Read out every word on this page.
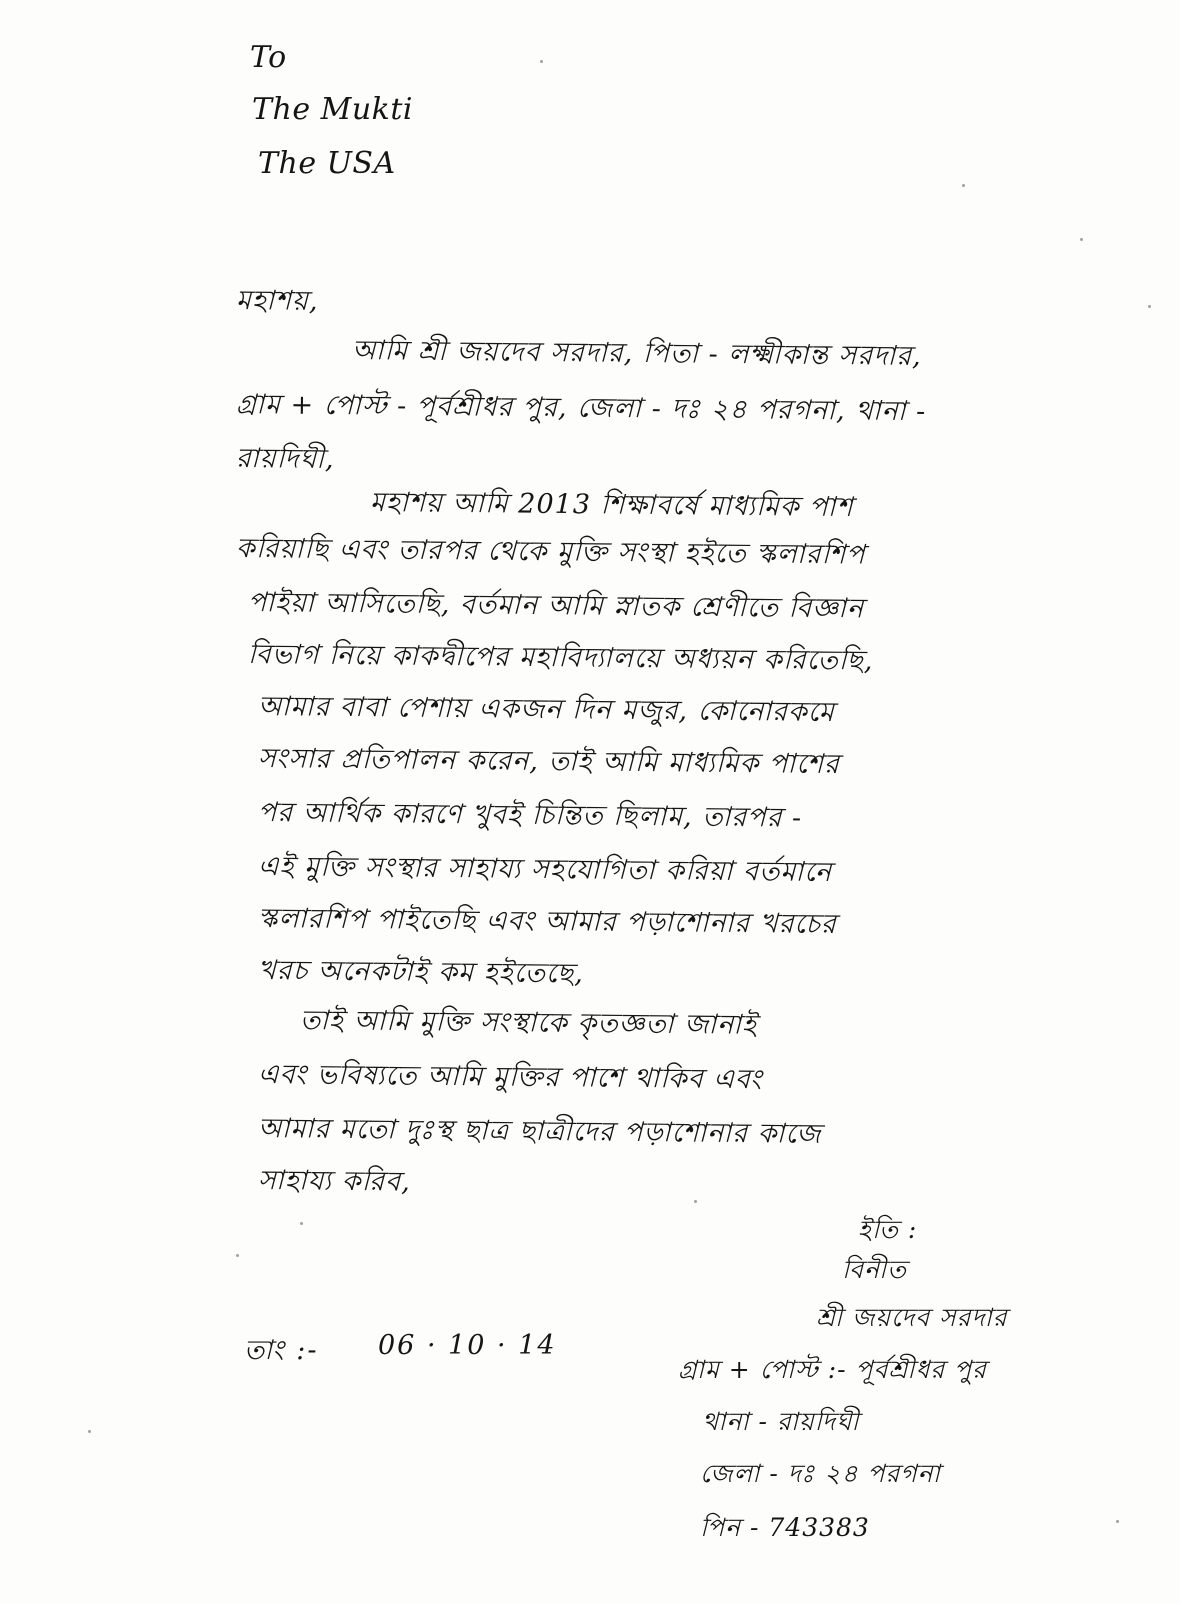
To
The Mukti
The USA
মহাশয়,
আমি শ্রী জয়দেব সরদার, পিতা - লক্ষ্মীকান্ত সরদার,
গ্রাম + পোস্ট - পূর্বশ্রীধর পুর, জেলা - দঃ ২৪ পরগনা, থানা -
রায়দিঘী,
মহাশয় আমি 2013 শিক্ষাবর্ষে মাধ্যমিক পাশ
করিয়াছি এবং তারপর থেকে মুক্তি সংস্থা হইতে স্কলারশিপ
পাইয়া আসিতেছি, বর্তমান আমি স্নাতক শ্রেণীতে বিজ্ঞান
বিভাগ নিয়ে কাকদ্বীপের মহাবিদ্যালয়ে অধ্যয়ন করিতেছি,
আমার বাবা পেশায় একজন দিন মজুর, কোনোরকমে
সংসার প্রতিপালন করেন, তাই আমি মাধ্যমিক পাশের
পর আর্থিক কারণে খুবই চিন্তিত ছিলাম, তারপর -
এই মুক্তি সংস্থার সাহায্য সহযোগিতা করিয়া বর্তমানে
স্কলারশিপ পাইতেছি এবং আমার পড়াশোনার খরচের
খরচ অনেকটাই কম হইতেছে,
তাই আমি মুক্তি সংস্থাকে কৃতজ্ঞতা জানাই
এবং ভবিষ্যতে আমি মুক্তির পাশে থাকিব এবং
আমার মতো দুঃস্থ ছাত্র ছাত্রীদের পড়াশোনার কাজে
সাহায্য করিব,
ইতি :
বিনীত
শ্রী জয়দেব সরদার
গ্রাম + পোস্ট :- পূর্বশ্রীধর পুর
থানা - রায়দিঘী
জেলা - দঃ ২৪ পরগনা
পিন - 743383
তাং :- 06 · 10 · 14
